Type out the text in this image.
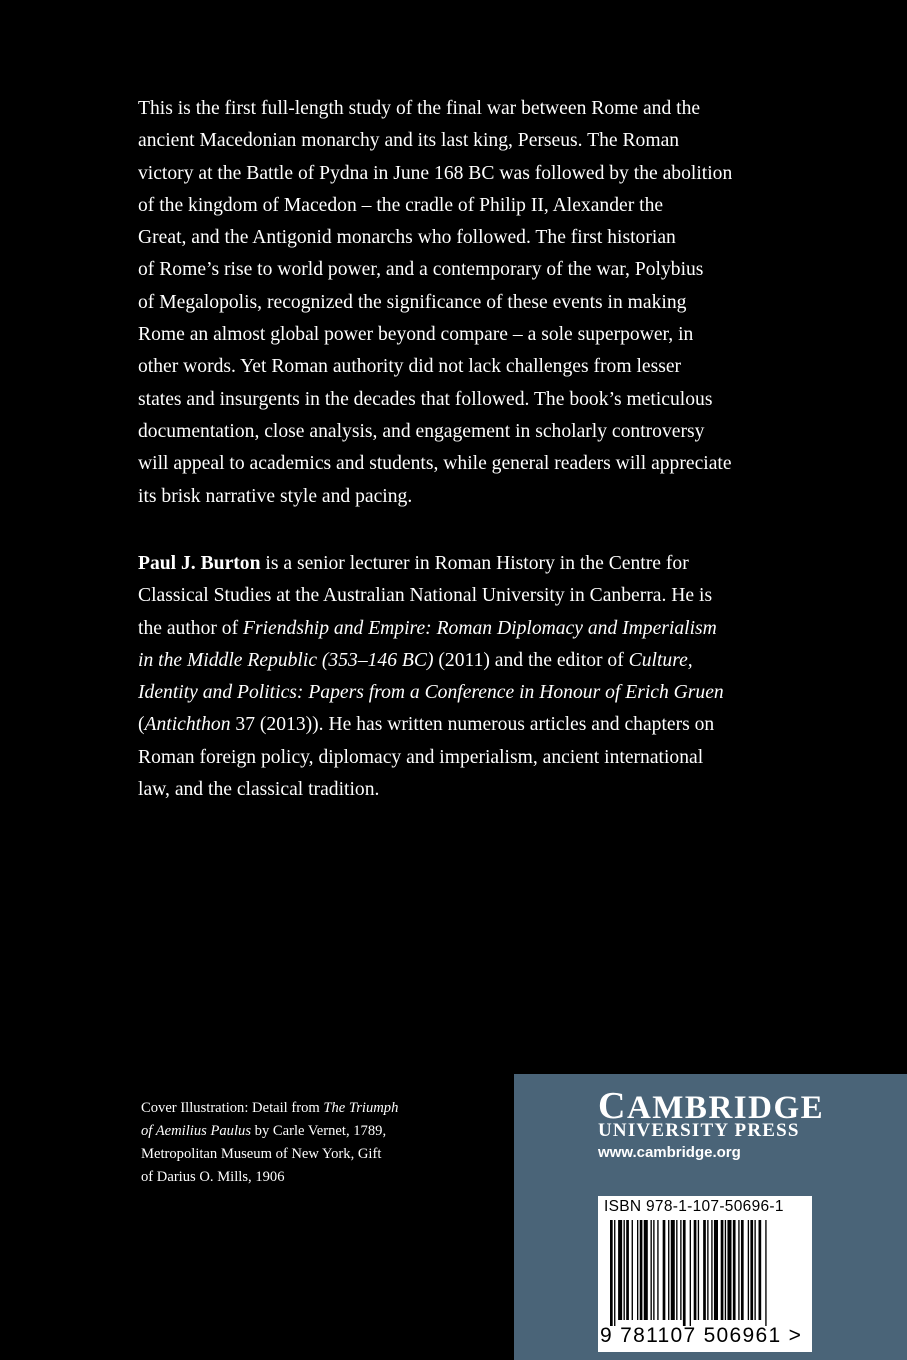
This is the first full-length study of the final war between Rome and the
ancient Macedonian monarchy and its last king, Perseus. The Roman
victory at the Battle of Pydna in June 168 BC was followed by the abolition
of the kingdom of Macedon – the cradle of Philip II, Alexander the
Great, and the Antigonid monarchs who followed. The first historian
of Rome’s rise to world power, and a contemporary of the war, Polybius
of Megalopolis, recognized the significance of these events in making
Rome an almost global power beyond compare – a sole superpower, in
other words. Yet Roman authority did not lack challenges from lesser
states and insurgents in the decades that followed. The book’s meticulous
documentation, close analysis, and engagement in scholarly controversy
will appeal to academics and students, while general readers will appreciate
its brisk narrative style and pacing.
Paul J. Burton is a senior lecturer in Roman History in the Centre for
Classical Studies at the Australian National University in Canberra. He is
the author of Friendship and Empire: Roman Diplomacy and Imperialism
in the Middle Republic (353–146 BC) (2011) and the editor of Culture,
Identity and Politics: Papers from a Conference in Honour of Erich Gruen
(Antichthon 37 (2013)). He has written numerous articles and chapters on
Roman foreign policy, diplomacy and imperialism, ancient international
law, and the classical tradition.
Cover Illustration: Detail from The Triumph
of Aemilius Paulus by Carle Vernet, 1789,
Metropolitan Museum of New York, Gift
of Darius O. Mills, 1906

CAMBRIDGE

UNIVERSITY PRESS

www.cambridge.org

ISBN 978-1-107-50696-1

9 781107 506961 >
